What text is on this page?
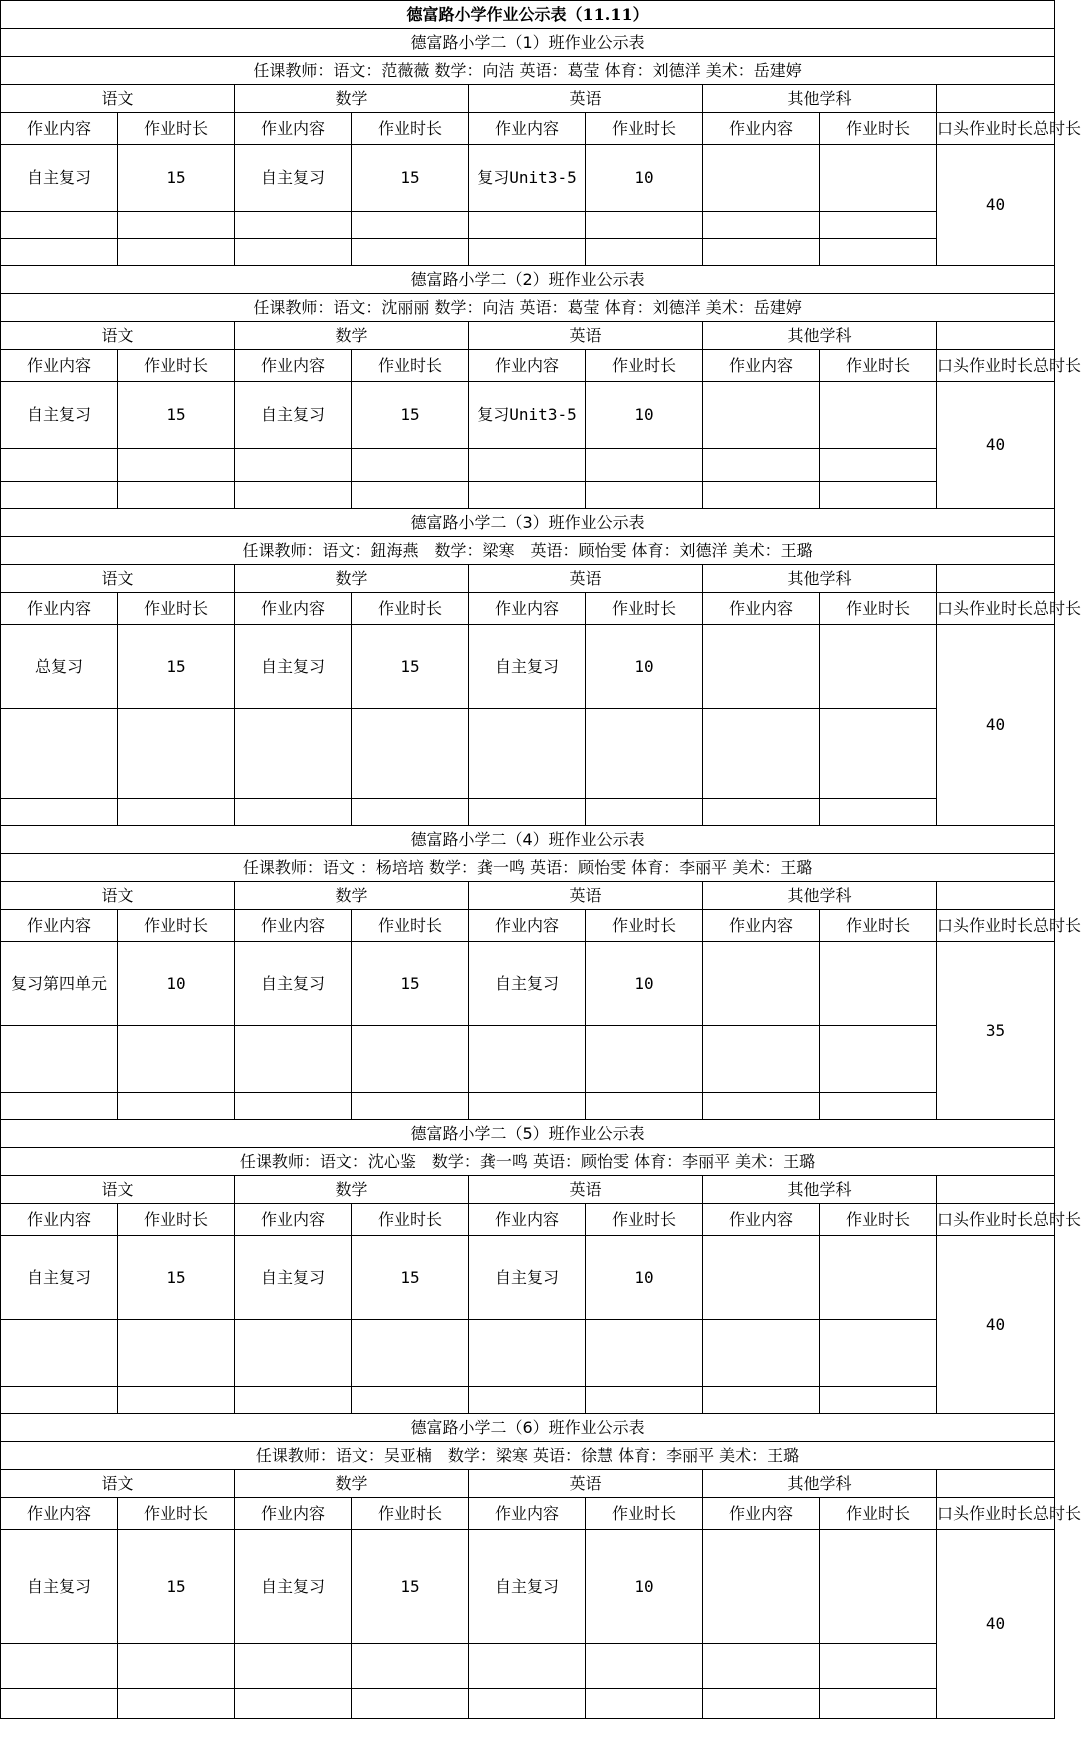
德富路小学作业公示表（11.11）								
德富路小学二（1）班作业公示表								
任课教师：语文：范薇薇 数学：向洁 英语：葛莹 体育：刘德洋 美术：岳建婷								
语文		数学		英语		其他学科		
作业内容	作业时长	作业内容	作业时长	作业内容	作业时长	作业内容	作业时长	口头作业时长总时长
自主复习	15	自主复习	15	复习Unit3-5	10			40

德富路小学二（2）班作业公示表								
任课教师：语文：沈丽丽 数学：向洁 英语：葛莹 体育：刘德洋 美术：岳建婷								
语文		数学		英语		其他学科		
作业内容	作业时长	作业内容	作业时长	作业内容	作业时长	作业内容	作业时长	口头作业时长总时长
自主复习	15	自主复习	15	复习Unit3-5	10			40

德富路小学二（3）班作业公示表								
任课教师：语文：鈕海燕　数学：梁寒　英语：顾怡雯 体育：刘德洋 美术：王璐								
语文		数学		英语		其他学科		
作业内容	作业时长	作业内容	作业时长	作业内容	作业时长	作业内容	作业时长	口头作业时长总时长
总复习	15	自主复习	15	自主复习	10			40

德富路小学二（4）班作业公示表								
任课教师：语文 ：杨培培 数学：龚一鸣 英语：顾怡雯 体育：李丽平 美术：王璐								
语文		数学		英语		其他学科		
作业内容	作业时长	作业内容	作业时长	作业内容	作业时长	作业内容	作业时长	口头作业时长总时长
复习第四单元	10	自主复习	15	自主复习	10			35

德富路小学二（5）班作业公示表								
任课教师：语文：沈心鉴　数学：龚一鸣 英语：顾怡雯 体育：李丽平 美术：王璐								
语文		数学		英语		其他学科		
作业内容	作业时长	作业内容	作业时长	作业内容	作业时长	作业内容	作业时长	口头作业时长总时长
自主复习	15	自主复习	15	自主复习	10			40

德富路小学二（6）班作业公示表								
任课教师：语文：吴亚楠　数学：梁寒 英语：徐慧 体育：李丽平 美术：王璐								
语文		数学		英语		其他学科		
作业内容	作业时长	作业内容	作业时长	作业内容	作业时长	作业内容	作业时长	口头作业时长总时长
自主复习	15	自主复习	15	自主复习	10			40
